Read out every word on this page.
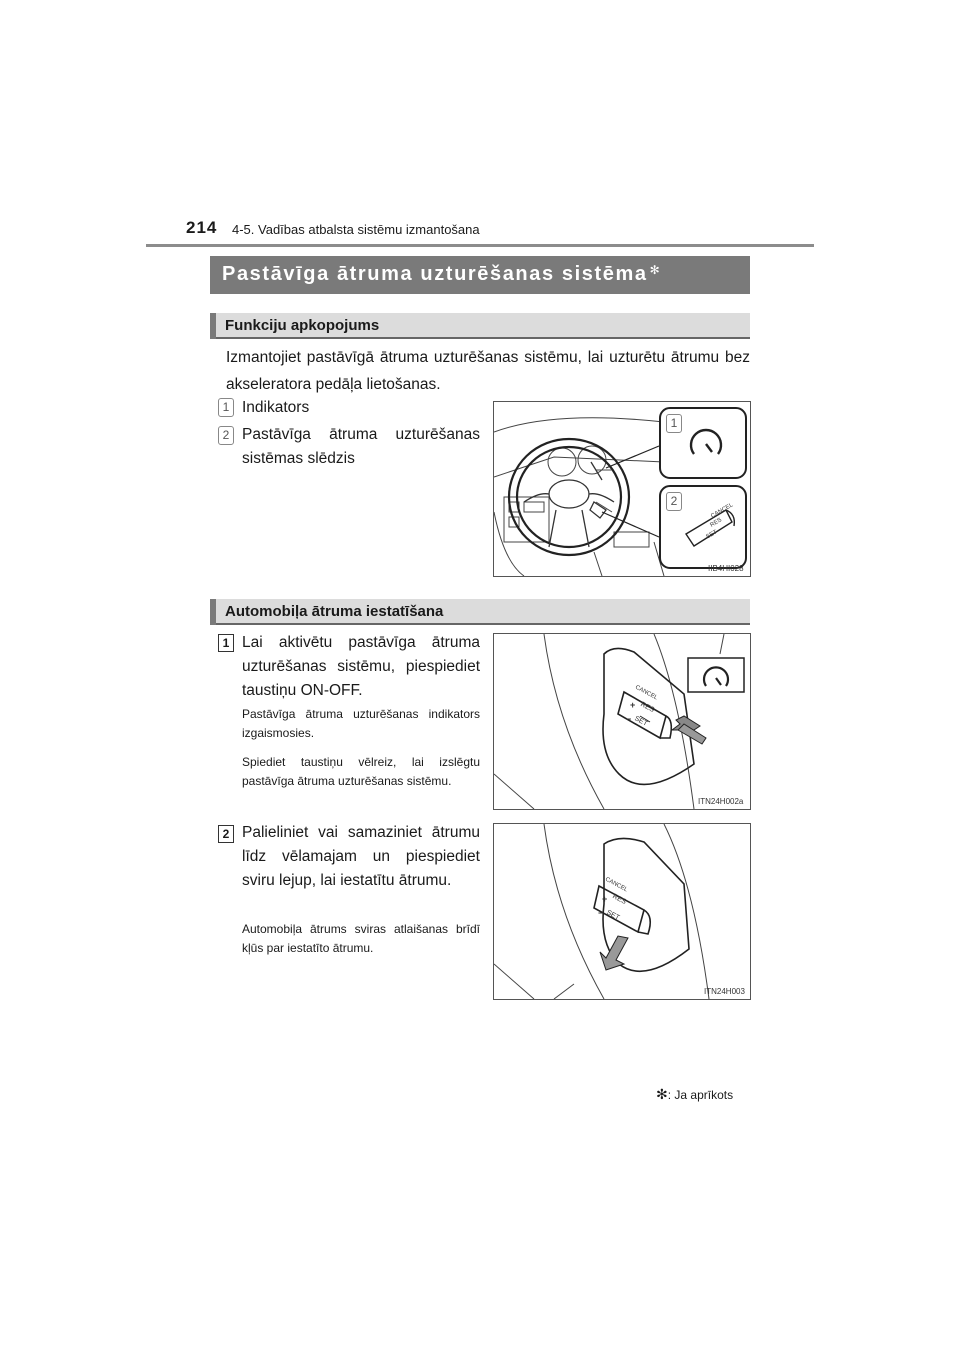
214 4-5. Vadības atbalsta sistēmu izmantošana
Pastāvīga ātruma uzturēšanas sistēma ✻
Funkciju apkopojums
Izmantojiet pastāvīgā ātruma uzturēšanas sistēmu, lai uzturētu ātrumu bez akseleratora pedāļa lietošanas.
1 Indikators
2 Pastāvīga ātruma uzturēšanas sistēmas slēdzis
1
2
CANCEL
RES
SET
IIB4HI028
Automobiļa ātruma iestatīšana
1 Lai aktivētu pastāvīga ātruma uzturēšanas sistēmu, piespiediet taustiņu ON-OFF.
Pastāvīga ātruma uzturēšanas indikators izgaismosies.
Spiediet taustiņu vēlreiz, lai izslēgtu pastāvīga ātruma uzturēšanas sistēmu.
CANCEL
RES
SET
+
−
ITN24H002a
2 Palieliniet vai samaziniet ātrumu līdz vēlamajam un piespiediet sviru lejup, lai iestatītu ātrumu.
Automobiļa ātrums sviras atlaišanas brīdī kļūs par iestatīto ātrumu.
CANCEL
RES
SET
+
−
ITN24H003
✻: Ja aprīkots
